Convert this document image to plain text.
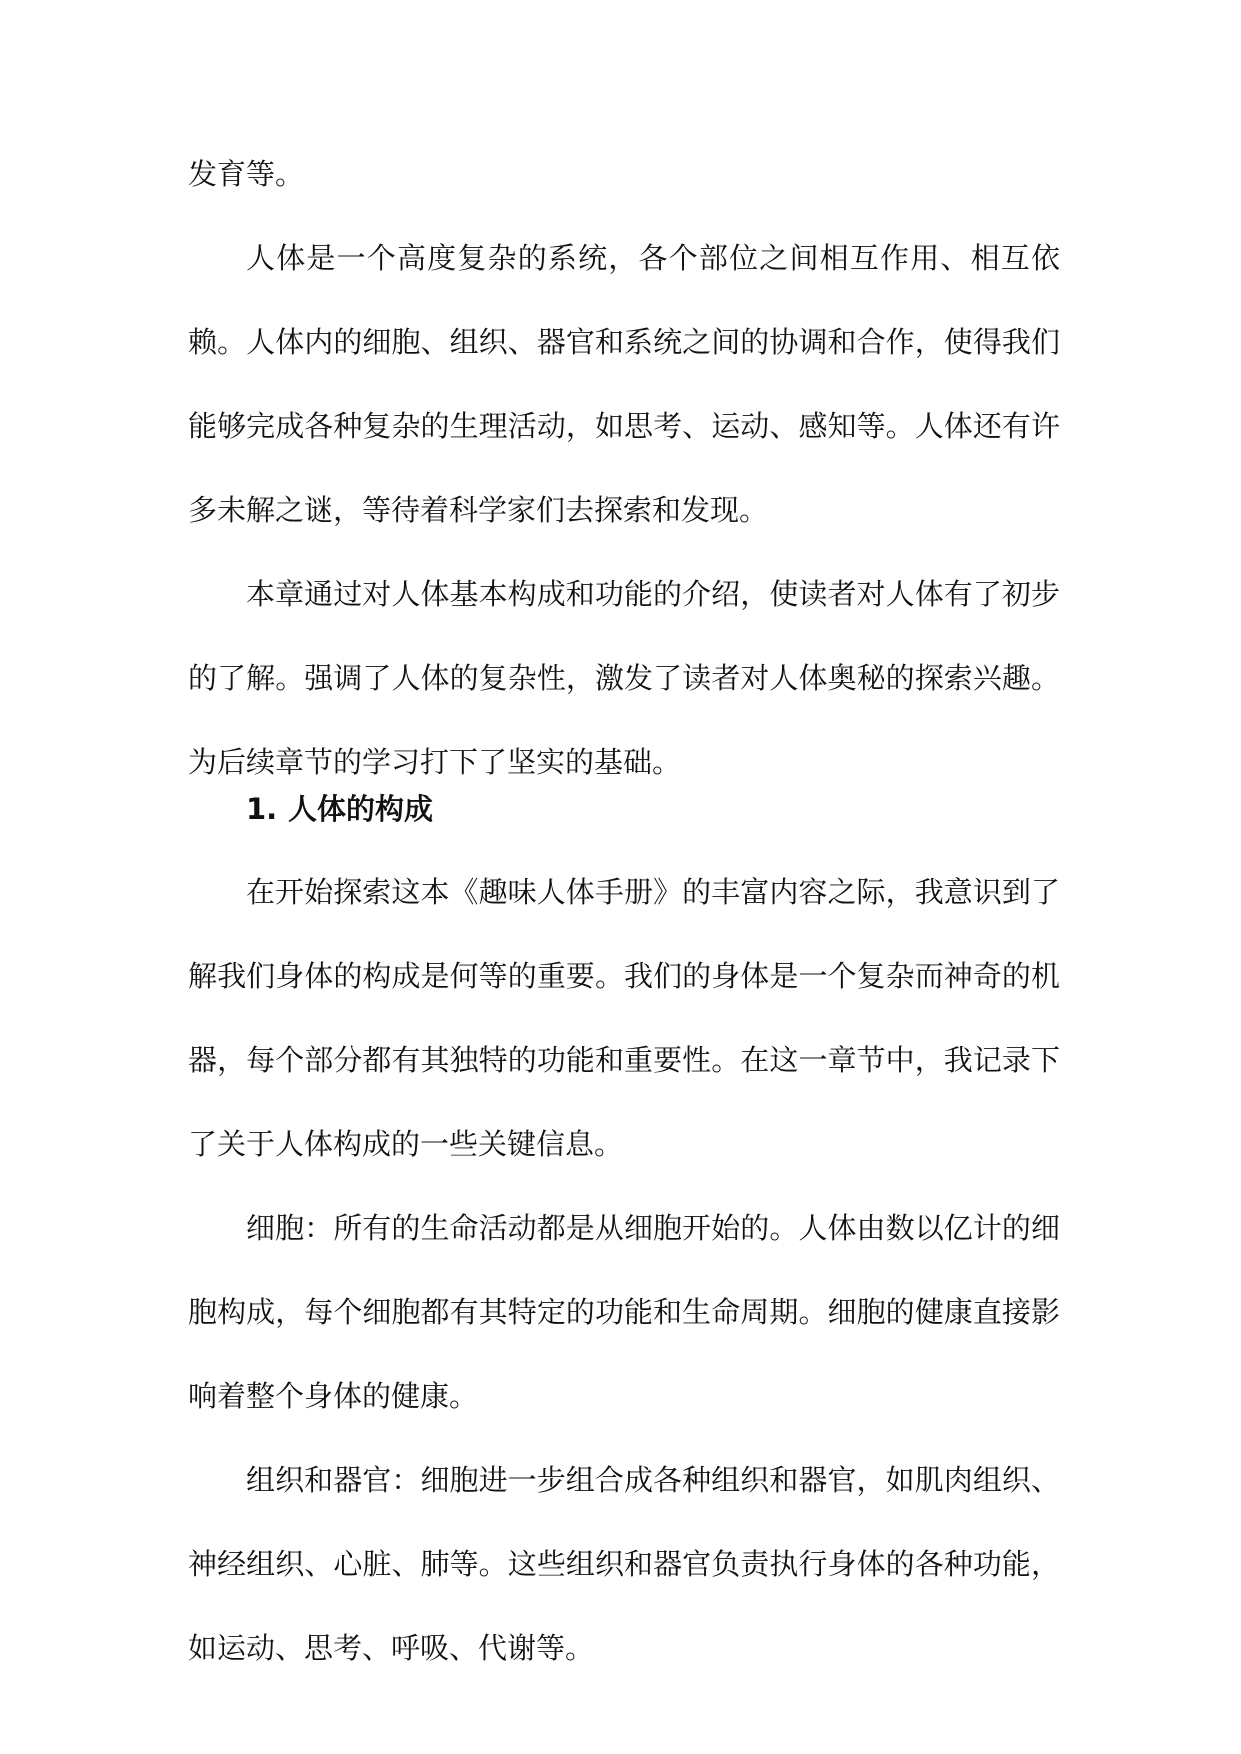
发育等。

人体是一个高度复杂的系统，各个部位之间相互作用、相互依赖。人体内的细胞、组织、器官和系统之间的协调和合作，使得我们能够完成各种复杂的生理活动，如思考、运动、感知等。人体还有许多未解之谜，等待着科学家们去探索和发现。

本章通过对人体基本构成和功能的介绍，使读者对人体有了初步的了解。强调了人体的复杂性，激发了读者对人体奥秘的探索兴趣。为后续章节的学习打下了坚实的基础。

1. 人体的构成

在开始探索这本《趣味人体手册》的丰富内容之际，我意识到了解我们身体的构成是何等的重要。我们的身体是一个复杂而神奇的机器，每个部分都有其独特的功能和重要性。在这一章节中，我记录下了关于人体构成的一些关键信息。

细胞：所有的生命活动都是从细胞开始的。人体由数以亿计的细胞构成，每个细胞都有其特定的功能和生命周期。细胞的健康直接影响着整个身体的健康。

组织和器官：细胞进一步组合成各种组织和器官，如肌肉组织、神经组织、心脏、肺等。这些组织和器官负责执行身体的各种功能，如运动、思考、呼吸、代谢等。
